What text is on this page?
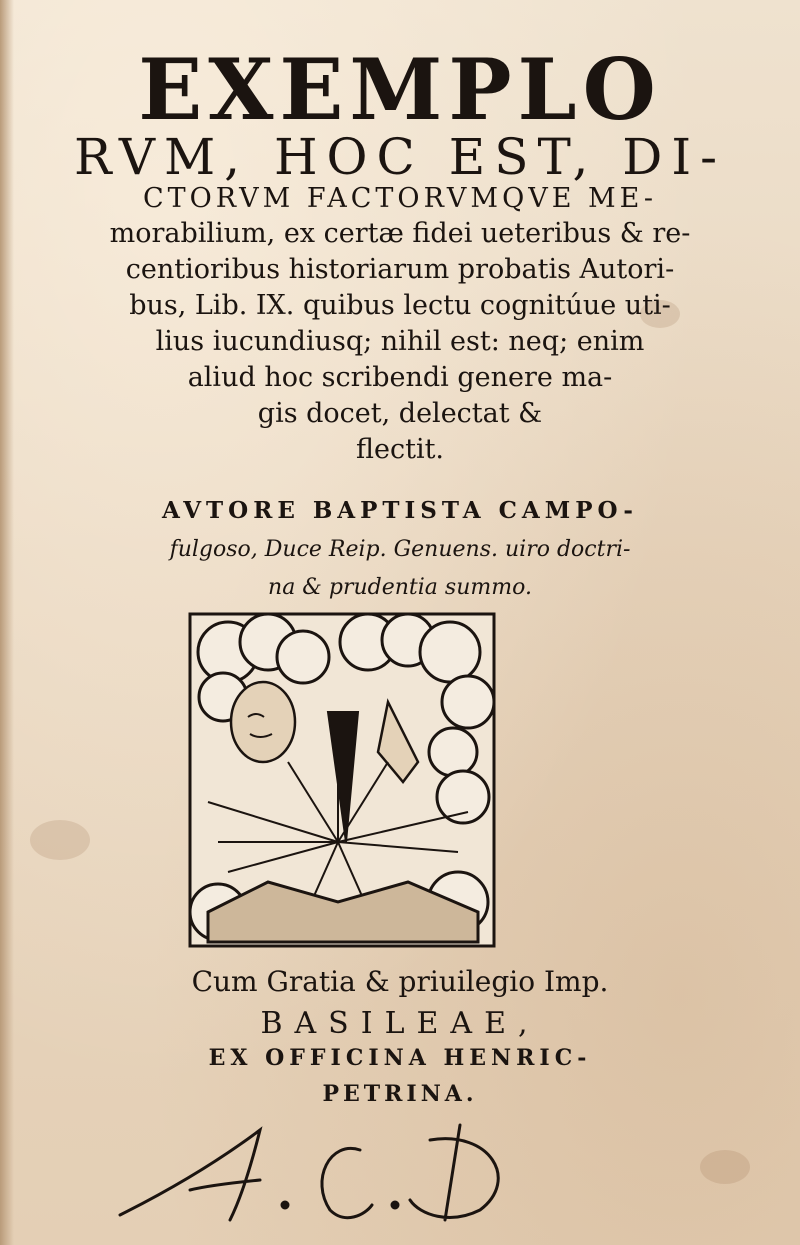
EXEMPLO
RVM, HOC EST, DI-
CTORVM FACTORVMQVE ME-
morabilium, ex certæ fidei ueteribus & re-
centioribus historiarum probatis Autori-
bus, Lib. IX. quibus lectu cognitúue uti-
lius iucundiusq; nihil est: neq; enim
aliud hoc scribendi genere ma-
gis docet, delectat &
flectit.
AVTORE BAPTISTA CAMPO-
fulgoso, Duce Reip. Genuens. uiro doctri-
na & prudentia summo.
Cum Gratia & priuilegio Imp.
BASILEAE,
EX OFFICINA HENRIC-
PETRINA.
